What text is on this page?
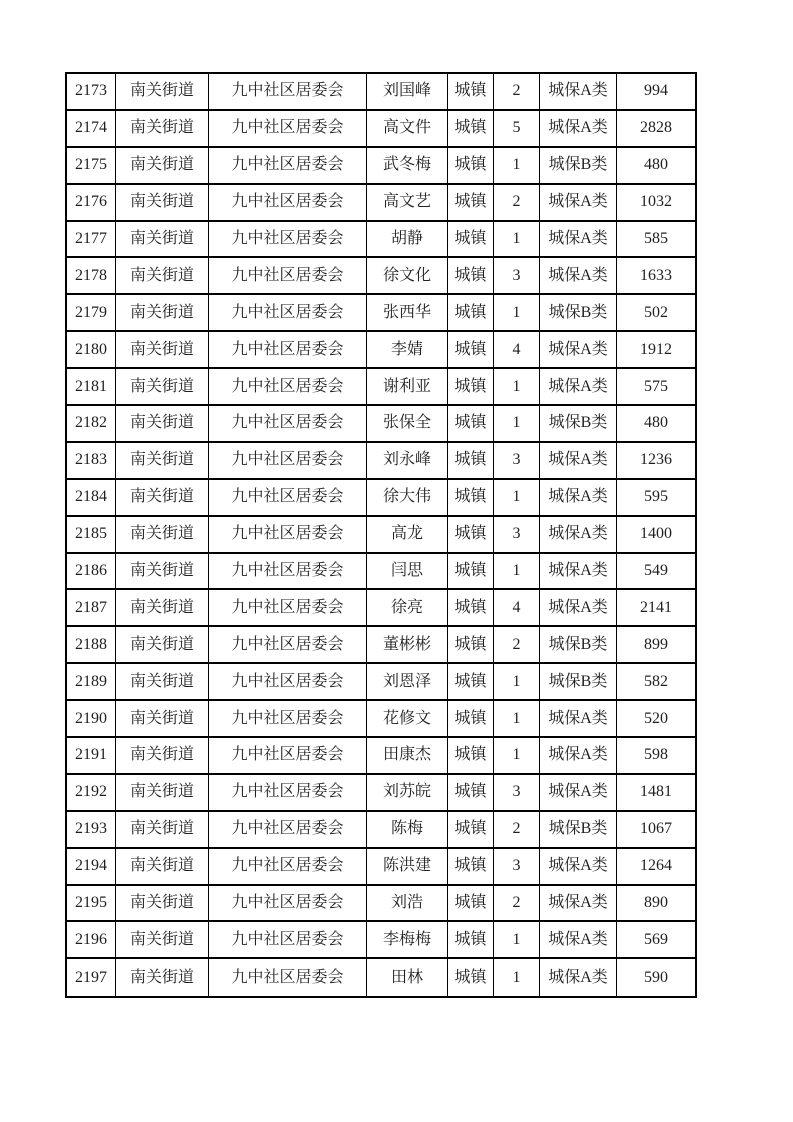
2173	南关街道	九中社区居委会	刘国峰	城镇	2	城保A类	994
2174	南关街道	九中社区居委会	高文件	城镇	5	城保A类	2828
2175	南关街道	九中社区居委会	武冬梅	城镇	1	城保B类	480
2176	南关街道	九中社区居委会	高文艺	城镇	2	城保A类	1032
2177	南关街道	九中社区居委会	胡静	城镇	1	城保A类	585
2178	南关街道	九中社区居委会	徐文化	城镇	3	城保A类	1633
2179	南关街道	九中社区居委会	张西华	城镇	1	城保B类	502
2180	南关街道	九中社区居委会	李婧	城镇	4	城保A类	1912
2181	南关街道	九中社区居委会	谢利亚	城镇	1	城保A类	575
2182	南关街道	九中社区居委会	张保全	城镇	1	城保B类	480
2183	南关街道	九中社区居委会	刘永峰	城镇	3	城保A类	1236
2184	南关街道	九中社区居委会	徐大伟	城镇	1	城保A类	595
2185	南关街道	九中社区居委会	高龙	城镇	3	城保A类	1400
2186	南关街道	九中社区居委会	闫思	城镇	1	城保A类	549
2187	南关街道	九中社区居委会	徐亮	城镇	4	城保A类	2141
2188	南关街道	九中社区居委会	董彬彬	城镇	2	城保B类	899
2189	南关街道	九中社区居委会	刘恩泽	城镇	1	城保B类	582
2190	南关街道	九中社区居委会	花修文	城镇	1	城保A类	520
2191	南关街道	九中社区居委会	田康杰	城镇	1	城保A类	598
2192	南关街道	九中社区居委会	刘苏皖	城镇	3	城保A类	1481
2193	南关街道	九中社区居委会	陈梅	城镇	2	城保B类	1067
2194	南关街道	九中社区居委会	陈洪建	城镇	3	城保A类	1264
2195	南关街道	九中社区居委会	刘浩	城镇	2	城保A类	890
2196	南关街道	九中社区居委会	李梅梅	城镇	1	城保A类	569
2197	南关街道	九中社区居委会	田林	城镇	1	城保A类	590
